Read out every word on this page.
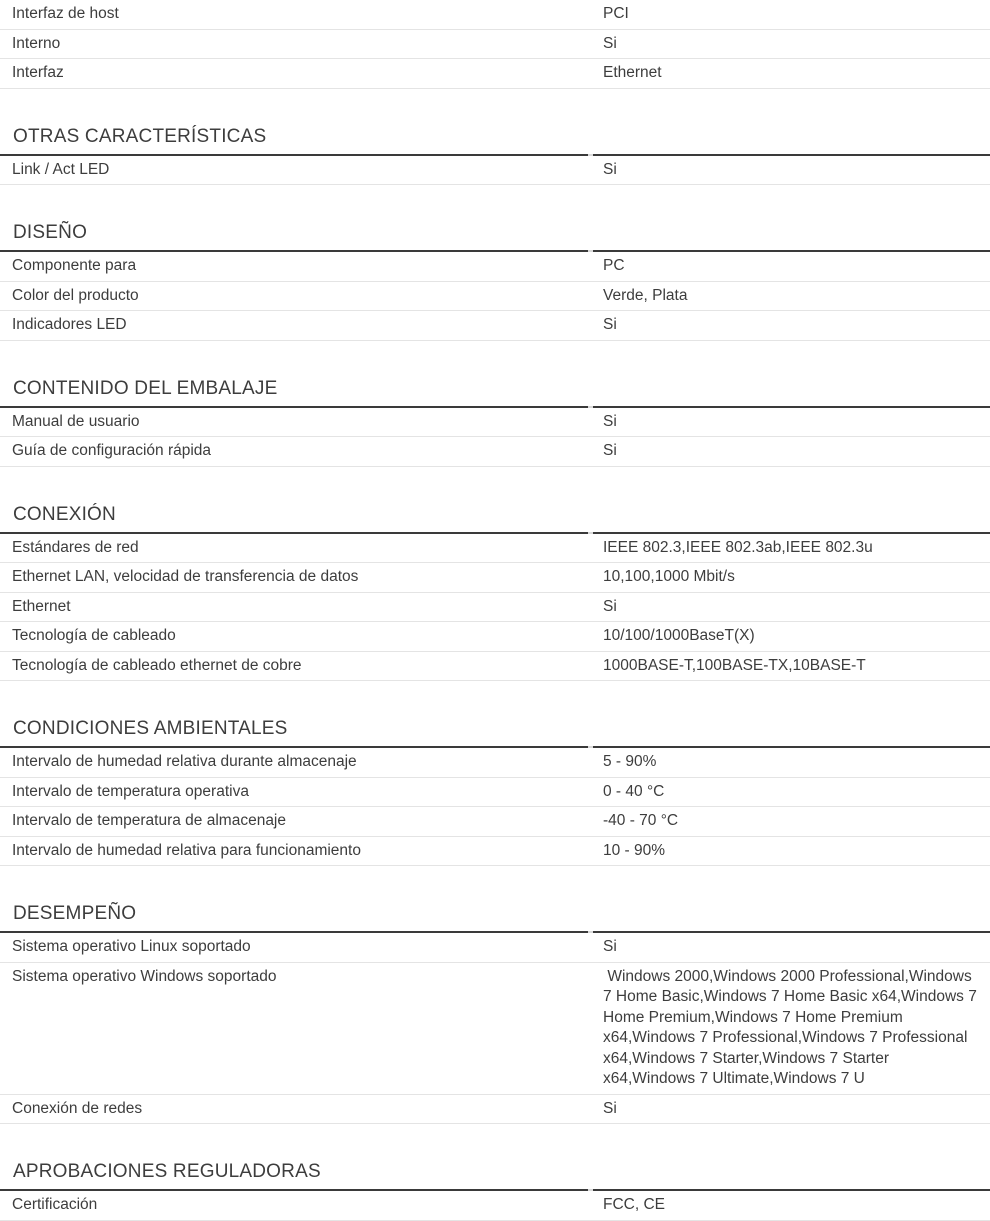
Interfaz de host	PCI
Interno	Si
Interfaz	Ethernet
OTRAS CARACTERÍSTICAS
Link / Act LED	Si
DISEÑO
Componente para	PC
Color del producto	Verde, Plata
Indicadores LED	Si
CONTENIDO DEL EMBALAJE
Manual de usuario	Si
Guía de configuración rápida	Si
CONEXIÓN
Estándares de red	IEEE 802.3,IEEE 802.3ab,IEEE 802.3u
Ethernet LAN, velocidad de transferencia de datos	10,100,1000 Mbit/s
Ethernet	Si
Tecnología de cableado	10/100/1000BaseT(X)
Tecnología de cableado ethernet de cobre	1000BASE-T,100BASE-TX,10BASE-T
CONDICIONES AMBIENTALES
Intervalo de humedad relativa durante almacenaje	5 - 90%
Intervalo de temperatura operativa	0 - 40 °C
Intervalo de temperatura de almacenaje	-40 - 70 °C
Intervalo de humedad relativa para funcionamiento	10 - 90%
DESEMPEÑO
Sistema operativo Linux soportado	Si
Sistema operativo Windows soportado	Windows 2000,Windows 2000 Professional,Windows 7 Home Basic,Windows 7 Home Basic x64,Windows 7 Home Premium,Windows 7 Home Premium x64,Windows 7 Professional,Windows 7 Professional x64,Windows 7 Starter,Windows 7 Starter x64,Windows 7 Ultimate,Windows 7 U
Conexión de redes	Si
APROBACIONES REGULADORAS
Certificación	FCC, CE
